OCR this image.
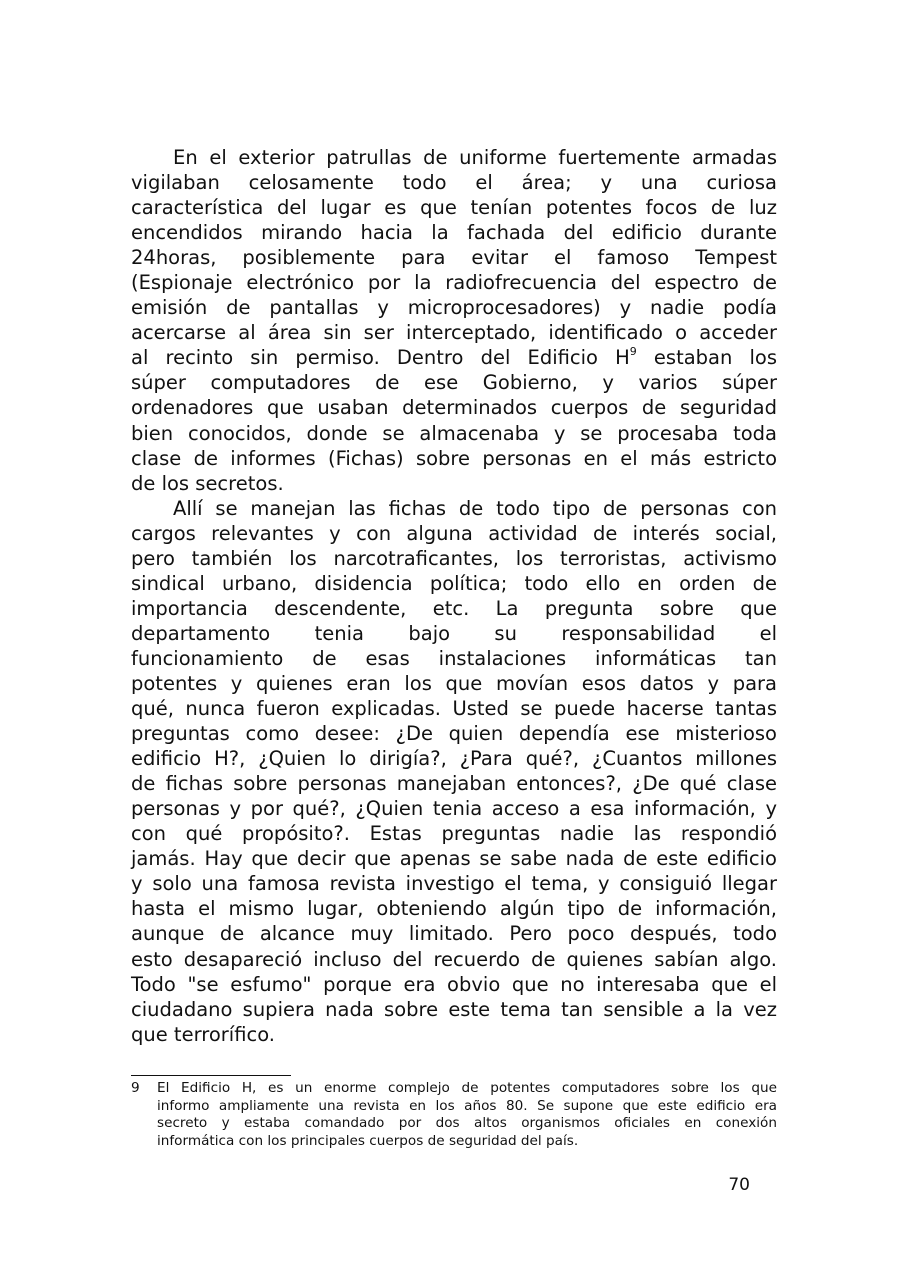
En el exterior patrullas de uniforme fuertemente armadas
vigilaban celosamente todo el área; y una curiosa
característica del lugar es que tenían potentes focos de luz
encendidos mirando hacia la fachada del edificio durante
24horas, posiblemente para evitar el famoso Tempest
(Espionaje electrónico por la radiofrecuencia del espectro de
emisión de pantallas y microprocesadores) y nadie podía
acercarse al área sin ser interceptado, identificado o acceder
al recinto sin permiso. Dentro del Edificio H$^9$ estaban los
súper computadores de ese Gobierno, y varios súper
ordenadores que usaban determinados cuerpos de seguridad
bien conocidos, donde se almacenaba y se procesaba toda
clase de informes (Fichas) sobre personas en el más estricto
de los secretos.
Allí se manejan las fichas de todo tipo de personas con
cargos relevantes y con alguna actividad de interés social,
pero también los narcotraficantes, los terroristas, activismo
sindical urbano, disidencia política; todo ello en orden de
importancia descendente, etc. La pregunta sobre que
departamento tenia bajo su responsabilidad el
funcionamiento de esas instalaciones informáticas tan
potentes y quienes eran los que movían esos datos y para
qué, nunca fueron explicadas. Usted se puede hacerse tantas
preguntas como desee: ¿De quien dependía ese misterioso
edificio H?, ¿Quien lo dirigía?, ¿Para qué?, ¿Cuantos millones
de fichas sobre personas manejaban entonces?, ¿De qué clase
personas y por qué?, ¿Quien tenia acceso a esa información, y
con qué propósito?. Estas preguntas nadie las respondió
jamás. Hay que decir que apenas se sabe nada de este edificio
y solo una famosa revista investigo el tema, y consiguió llegar
hasta el mismo lugar, obteniendo algún tipo de información,
aunque de alcance muy limitado. Pero poco después, todo
esto desapareció incluso del recuerdo de quienes sabían algo.
Todo "se esfumo" porque era obvio que no interesaba que el
ciudadano supiera nada sobre este tema tan sensible a la vez
que terrorífico.
9 El Edificio H, es un enorme complejo de potentes computadores sobre los que
informo ampliamente una revista en los años 80. Se supone que este edificio era
secreto y estaba comandado por dos altos organismos oficiales en conexión
informática con los principales cuerpos de seguridad del país.
70
